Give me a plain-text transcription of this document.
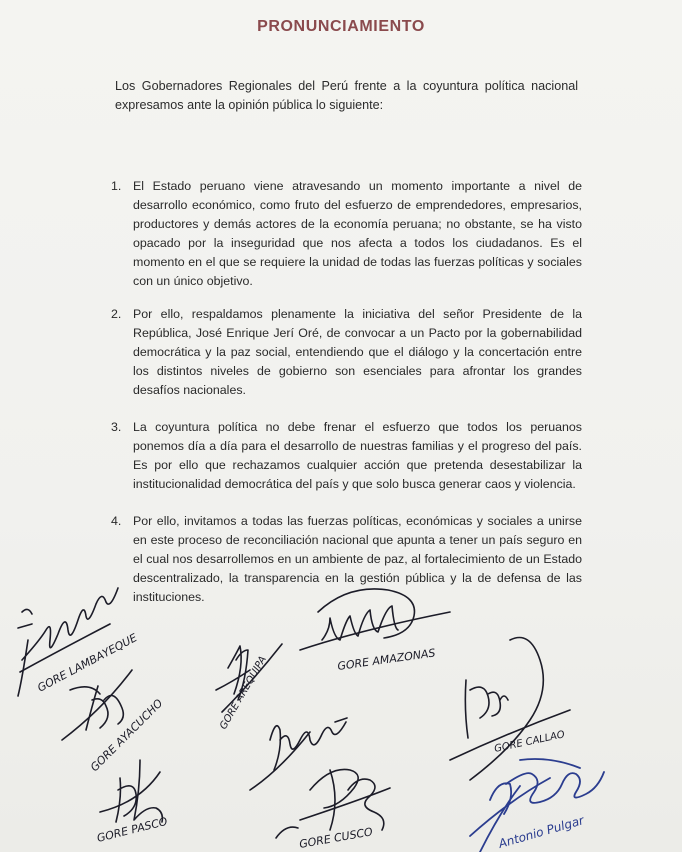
PRONUNCIAMIENTO
Los Gobernadores Regionales del Perú frente a la coyuntura política nacional expresamos ante la opinión pública lo siguiente:
1. El Estado peruano viene atravesando un momento importante a nivel de desarrollo económico, como fruto del esfuerzo de emprendedores, empresarios, productores y demás actores de la economía peruana; no obstante, se ha visto opacado por la inseguridad que nos afecta a todos los ciudadanos. Es el momento en el que se requiere la unidad de todas las fuerzas políticas y sociales con un único objetivo.
2. Por ello, respaldamos plenamente la iniciativa del señor Presidente de la República, José Enrique Jerí Oré, de convocar a un Pacto por la gobernabilidad democrática y la paz social, entendiendo que el diálogo y la concertación entre los distintos niveles de gobierno son esenciales para afrontar los grandes desafíos nacionales.
3. La coyuntura política no debe frenar el esfuerzo que todos los peruanos ponemos día a día para el desarrollo de nuestras familias y el progreso del país. Es por ello que rechazamos cualquier acción que pretenda desestabilizar la institucionalidad democrática del país y que solo busca generar caos y violencia.
4. Por ello, invitamos a todas las fuerzas políticas, económicas y sociales a unirse en este proceso de reconciliación nacional que apunta a tener un país seguro en el cual nos desarrollemos en un ambiente de paz, al fortalecimiento de un Estado descentralizado, la transparencia en la gestión pública y la de defensa de las instituciones.
GORE LAMBAYEQUE
GORE AYACUCHO
GORE PASCO
GORE AREQUIPA	GORE AMAZONAS
GORE CALLAO
GORE CUSCO	Antonio Pulgar
